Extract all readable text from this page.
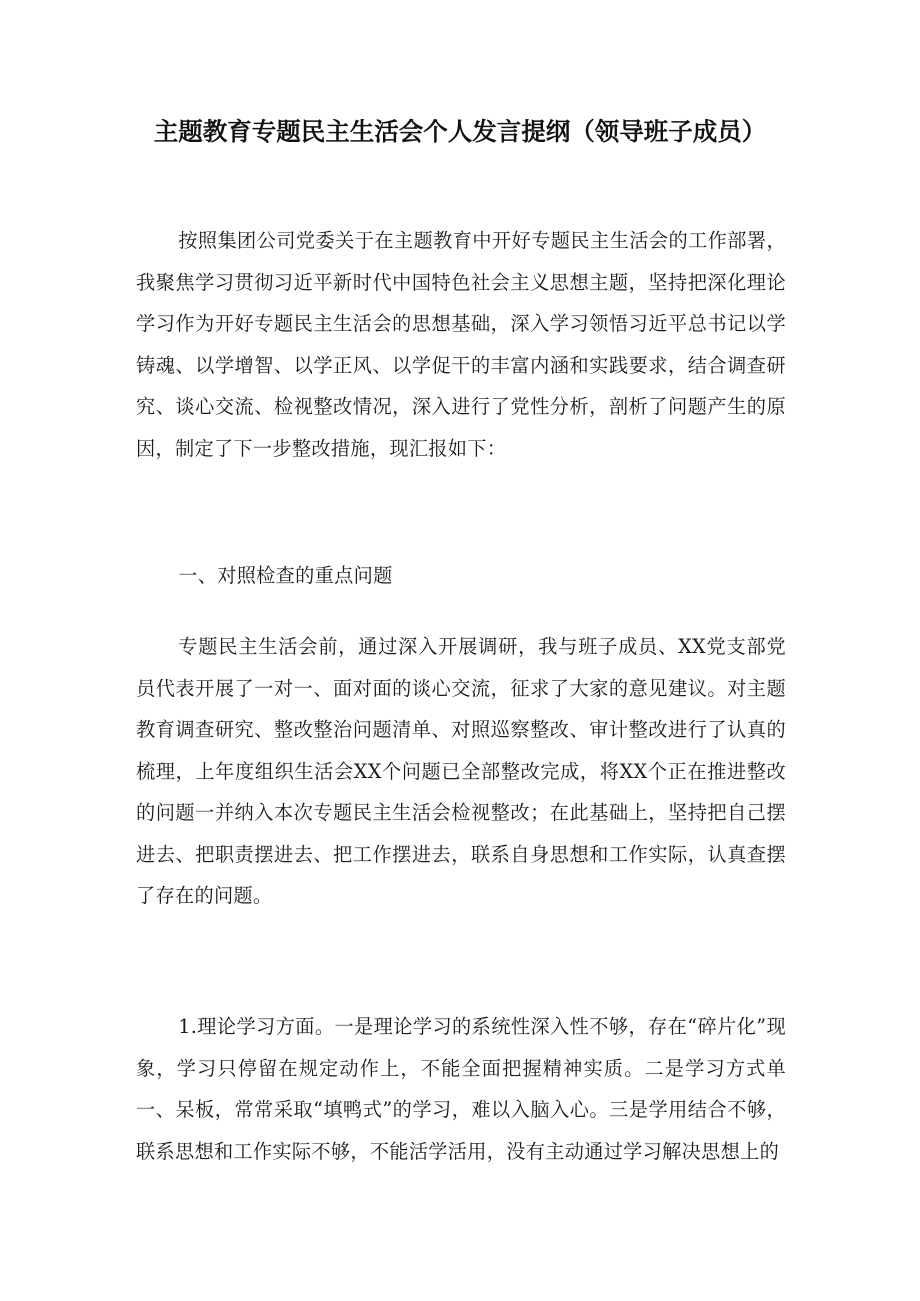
主题教育专题民主生活会个人发言提纲（领导班子成员）

按照集团公司党委关于在主题教育中开好专题民主生活会的工作部署，我聚焦学习贯彻习近平新时代中国特色社会主义思想主题，坚持把深化理论学习作为开好专题民主生活会的思想基础，深入学习领悟习近平总书记以学铸魂、以学增智、以学正风、以学促干的丰富内涵和实践要求，结合调查研究、谈心交流、检视整改情况，深入进行了党性分析，剖析了问题产生的原因，制定了下一步整改措施，现汇报如下：

一、对照检查的重点问题

专题民主生活会前，通过深入开展调研，我与班子成员、XX党支部党员代表开展了一对一、面对面的谈心交流，征求了大家的意见建议。对主题教育调查研究、整改整治问题清单、对照巡察整改、审计整改进行了认真的梳理，上年度组织生活会XX个问题已全部整改完成，将XX个正在推进整改的问题一并纳入本次专题民主生活会检视整改；在此基础上，坚持把自己摆进去、把职责摆进去、把工作摆进去，联系自身思想和工作实际，认真查摆了存在的问题。

1.理论学习方面。一是理论学习的系统性深入性不够，存在“碎片化”现象，学习只停留在规定动作上，不能全面把握精神实质。二是学习方式单一、呆板，常常采取“填鸭式”的学习，难以入脑入心。三是学用结合不够，联系思想和工作实际不够，不能活学活用，没有主动通过学习解决思想上的
